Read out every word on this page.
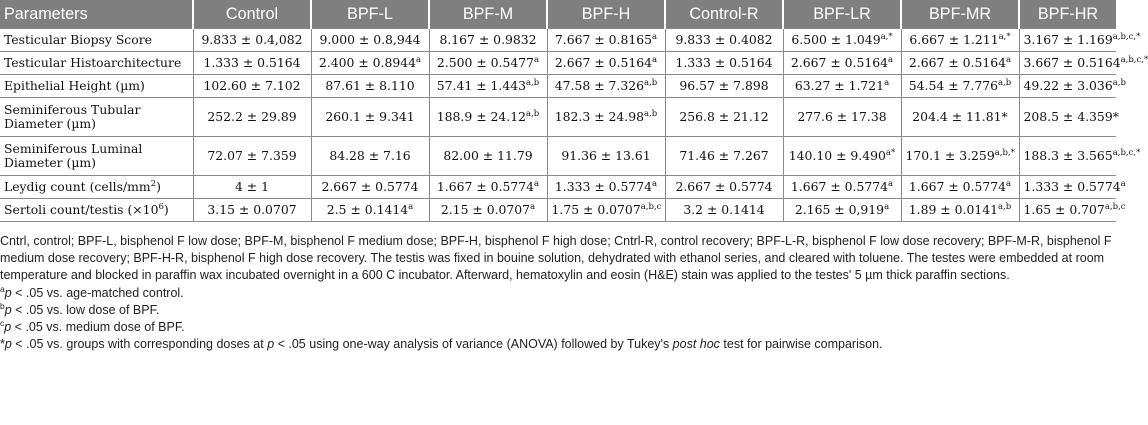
Parameters	Control	BPF-L	BPF-M	BPF-H	Control-R	BPF-LR	BPF-MR	BPF-HR
Testicular Biopsy Score	9.833 ± 0.4,082	9.000 ± 0.8,944	8.167 ± 0.9832	7.667 ± 0.8165$^a$	9.833 ± 0.4082	$6.500 \pm 1.049^{a,*}$	$6.667 \pm 1.211^{a,*}$	$3.167 \pm 1.169^{a,b,c,*}$
Testicular Histoarchitecture	1.333 ± 0.5164	2.400 ± 0.8944$^a$	2.500 ± 0.5477$^a$	2.667 ± 0.5164$^a$	1.333 ± 0.5164	2.667 ± 0.5164$^a$	2.667 ± 0.5164$^a$	$3.667 \pm 0.5164^{a,b,c,*}$
Epithelial Height (µm)	102.60 ± 7.102	87.61 ± 8.110	$57.41 \pm 1.443^{a,b}$	$47.58 \pm 7.326^{a,b}$	96.57 ± 7.898	63.27 ± 1.721$^a$	$54.54 \pm 7.776^{a,b}$	$49.22 \pm 3.036^{a,b}$
Seminiferous Tubular Diameter (µm)	252.2 ± 29.89	260.1 ± 9.341	$188.9 \pm 24.12^{a,b}$	$182.3 \pm 24.98^{a,b}$	256.8 ± 21.12	277.6 ± 17.38	204.4 ± 11.81*	208.5 ± 4.359*
Seminiferous Luminal Diameter (µm)	72.07 ± 7.359	84.28 ± 7.16	82.00 ± 11.79	91.36 ± 13.61	71.46 ± 7.267	$140.10 \pm 9.490^{a*}$	$170.1 \pm 3.259^{a,b,*}$	$188.3 \pm 3.565^{a,b,c,*}$
Leydig count $(cells/mm^2)$	4 ± 1	2.667 ± 0.5774	1.667 ± 0.5774$^a$	1.333 ± 0.5774$^a$	2.667 ± 0.5774	1.667 ± 0.5774$^a$	1.667 ± 0.5774$^a$	1.333 ± 0.5774$^a$
Sertoli count/testis $(\times 10^6)$	3.15 ± 0.0707	2.5 ± 0.1414$^a$	2.15 ± 0.0707$^a$	$1.75 \pm 0.0707^{a,b,c}$	3.2 ± 0.1414	2.165 ± 0,919$^a$	$1.89 \pm 0.0141^{a,b}$	$1.65 \pm 0.707^{a,b,c}$

Cntrl, control; BPF-L, bisphenol F low dose; BPF-M, bisphenol F medium dose; BPF-H, bisphenol F high dose; Cntrl-R, control recovery; BPF-L-R, bisphenol F low dose recovery; BPF-M-R, bisphenol F medium dose recovery; BPF-H-R, bisphenol F high dose recovery. The testis was fixed in bouine solution, dehydrated with ethanol series, and cleared with toluene. The testes were embedded at room temperature and blocked in paraffin wax incubated overnight in a 600 C incubator. Afterward, hematoxylin and eosin (H&E) stain was applied to the testes' 5 µm thick paraffin sections.

$^a$p < .05 vs. age-matched control.

$^b$p < .05 vs. low dose of BPF.

$^c$p < .05 vs. medium dose of BPF.

*p < .05 vs. groups with corresponding doses at p < .05 using one-way analysis of variance (ANOVA) followed by Tukey's post hoc test for pairwise comparison.
